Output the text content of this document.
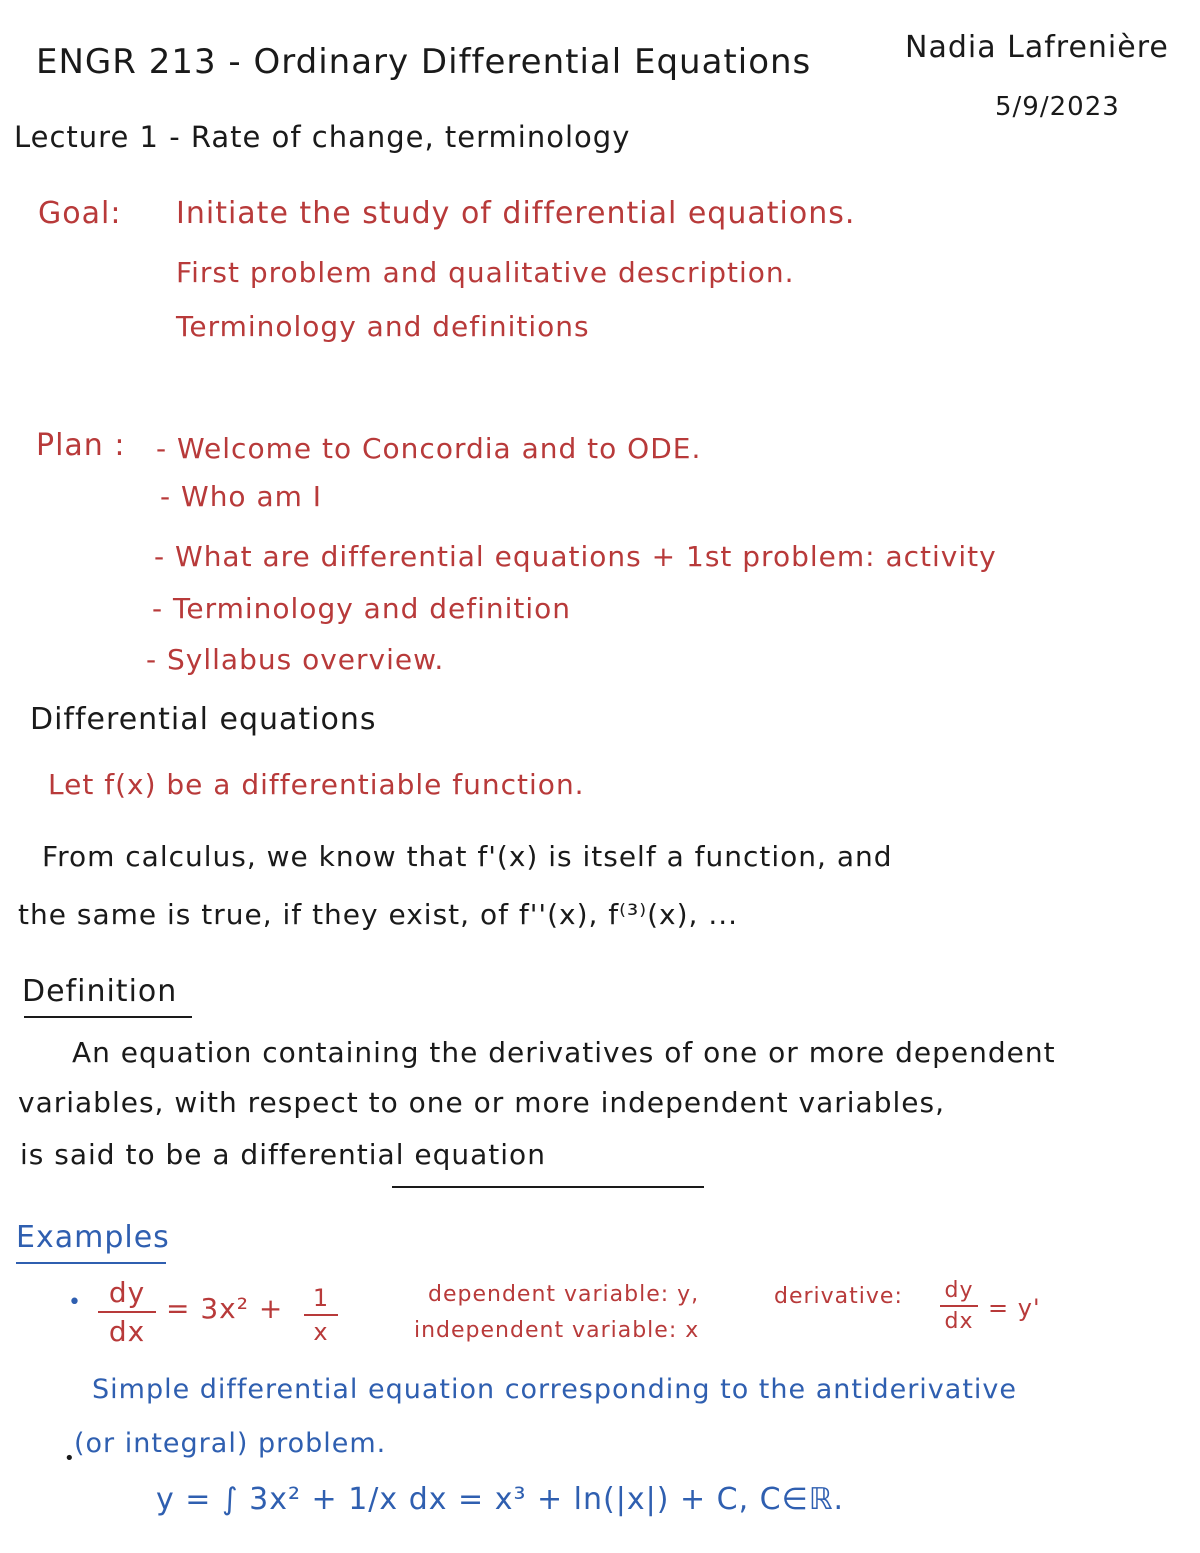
ENGR 213 - Ordinary Differential Equations	Nadia Lafrenière
5/9/2023
Lecture 1 - Rate of change, terminology
Goal: Initiate the study of differential equations.
First problem and qualitative description.
Terminology and definitions
Plan : - Welcome to Concordia and to ODE.
- Who am I
- What are differential equations + 1st problem: activity
- Terminology and definition
- Syllabus overview.
Differential equations
Let f(x) be a differentiable function.
From calculus, we know that f'(x) is itself a function, and
the same is true, if they exist, of f''(x), f⁽³⁾(x), ...
Definition
An equation containing the derivatives of one or more dependent
variables, with respect to one or more independent variables,
is said to be a differential equation
Examples
• dy
dx
= 3x² +	1
x
dependent variable: y,
independent variable: x
derivative: dy
dx = y'
Simple differential equation corresponding to the antiderivative
(or integral) problem.
•
y = ∫ 3x² + 1/x dx = x³ + ln(|x|) + C, C∈ℝ.
